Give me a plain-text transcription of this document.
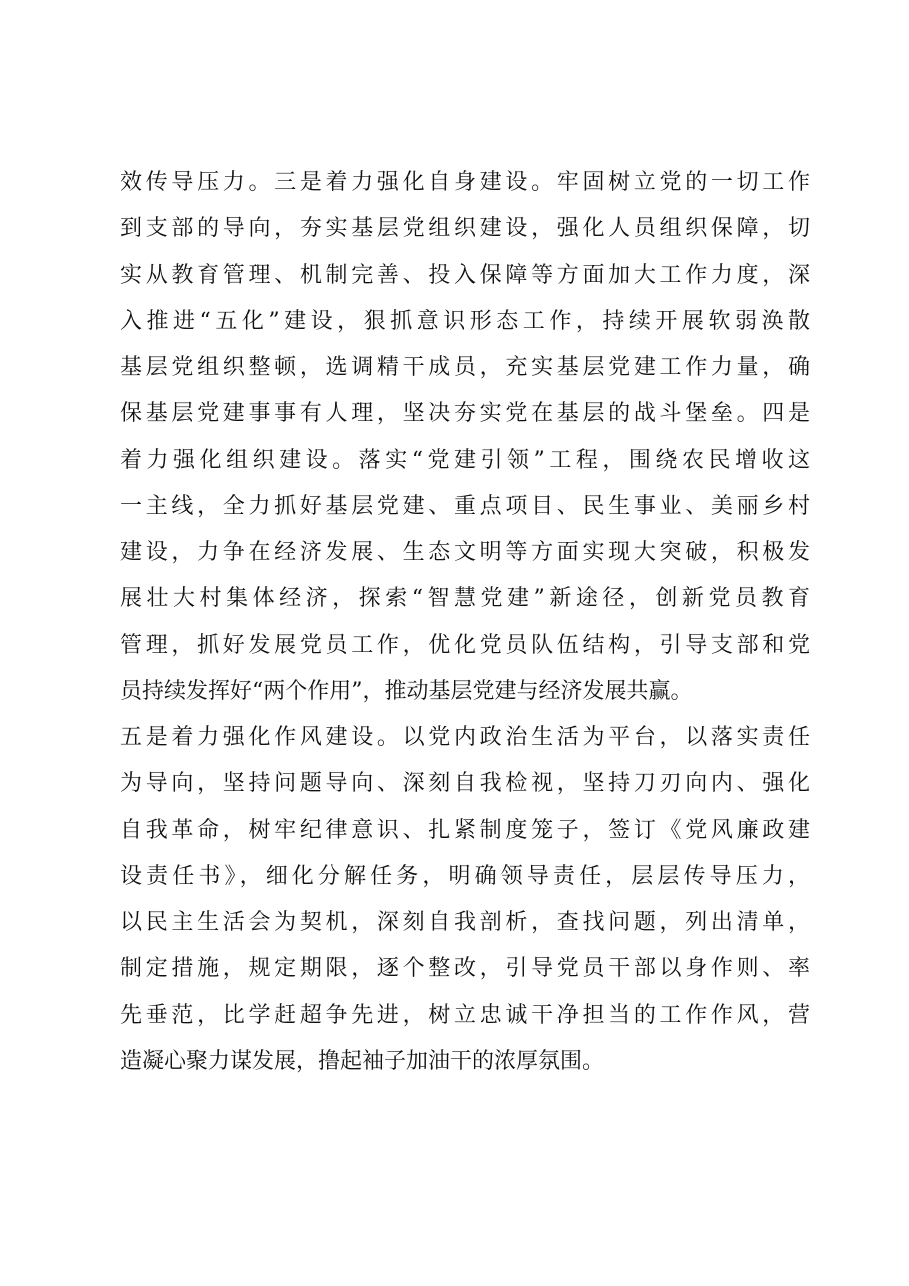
效传导压力。三是着力强化自身建设。牢固树立党的一切工作
到支部的导向，夯实基层党组织建设，强化人员组织保障，切
实从教育管理、机制完善、投入保障等方面加大工作力度，深
入推进“五化”建设，狠抓意识形态工作，持续开展软弱涣散
基层党组织整顿，选调精干成员，充实基层党建工作力量，确
保基层党建事事有人理，坚决夯实党在基层的战斗堡垒。四是
着力强化组织建设。落实“党建引领”工程，围绕农民增收这
一主线，全力抓好基层党建、重点项目、民生事业、美丽乡村
建设，力争在经济发展、生态文明等方面实现大突破，积极发
展壮大村集体经济，探索“智慧党建”新途径，创新党员教育
管理，抓好发展党员工作，优化党员队伍结构，引导支部和党
员持续发挥好“两个作用”，推动基层党建与经济发展共赢。
五是着力强化作风建设。以党内政治生活为平台，以落实责任
为导向，坚持问题导向、深刻自我检视，坚持刀刃向内、强化
自我革命，树牢纪律意识、扎紧制度笼子，签订《党风廉政建
设责任书》，细化分解任务，明确领导责任，层层传导压力，
以民主生活会为契机，深刻自我剖析，查找问题，列出清单，
制定措施，规定期限，逐个整改，引导党员干部以身作则、率
先垂范，比学赶超争先进，树立忠诚干净担当的工作作风，营
造凝心聚力谋发展，撸起袖子加油干的浓厚氛围。
